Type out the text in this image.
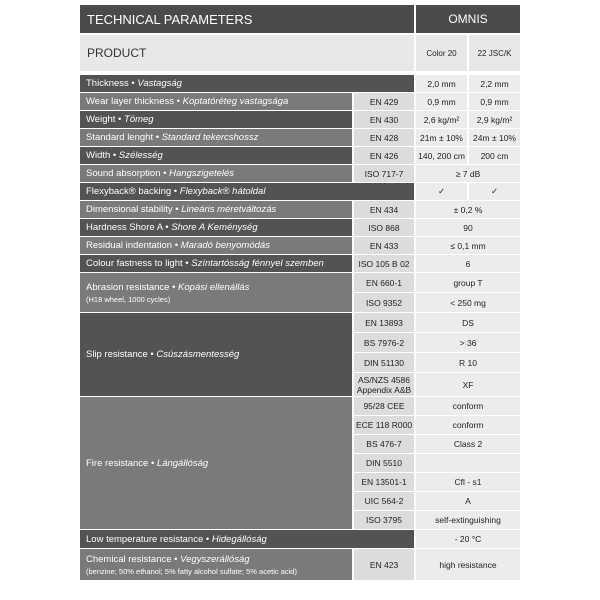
TECHNICAL PARAMETERS		OMNIS	
PRODUCT		Color 20	22 JSC/K

Thickness • Vastagság		2,0 mm	2,2 mm
Wear layer thickness • Koptatóréteg vastagsága	EN 429	0,9 mm	0,9 mm
Weight • Tömeg	EN 430	2,6 kg/m²	2,9 kg/m²
Standard lenght • Standard tekercshossz	EN 428	21m ± 10%	24m ± 10%
Width • Szélesség	EN 426	140, 200 cm	200 cm
Sound absorption • Hangszigetelés	ISO 717-7	≥ 7 dB	
Flexyback® backing • Flexyback® hátoldal		✓	✓
Dimensional stability • Lineáris méretváltozás	EN 434	± 0,2 %	
Hardness Shore A • Shore A Keménység	ISO 868	90	
Residual indentation • Maradó benyomódás	EN 433	≤ 0,1 mm	
Colour fastness to light • Színtartósság fénnyel szemben	ISO 105 B 02	6	
Abrasion resistance • Kopási ellenállás
(H18 wheel, 1000 cycles)	EN 660-1	group T	
	ISO 9352	< 250 mg	
Slip resistance • Csúszásmentesség	EN 13893	DS	
	BS 7976-2	> 36	
	DIN 51130	R 10	
	AS/NZS 4586
Appendix A&B	XF	
Fire resistance • Lángállóság	95/28 CEE	conform	
	ECE 118 R000	conform	
	BS 476-7	Class 2	
	DIN 5510		
	EN 13501-1	Cfl - s1	
	UIC 564-2	A	
	ISO 3795	self-extinguishing	
Low temperature resistance • Hidegállóság		- 20 °C	
Chemical resistance • Vegyszerállóság
(benzine; 50% ethanol; 5% fatty alcohol sulfate; 5% acetic acid)	EN 423	high resistance	
